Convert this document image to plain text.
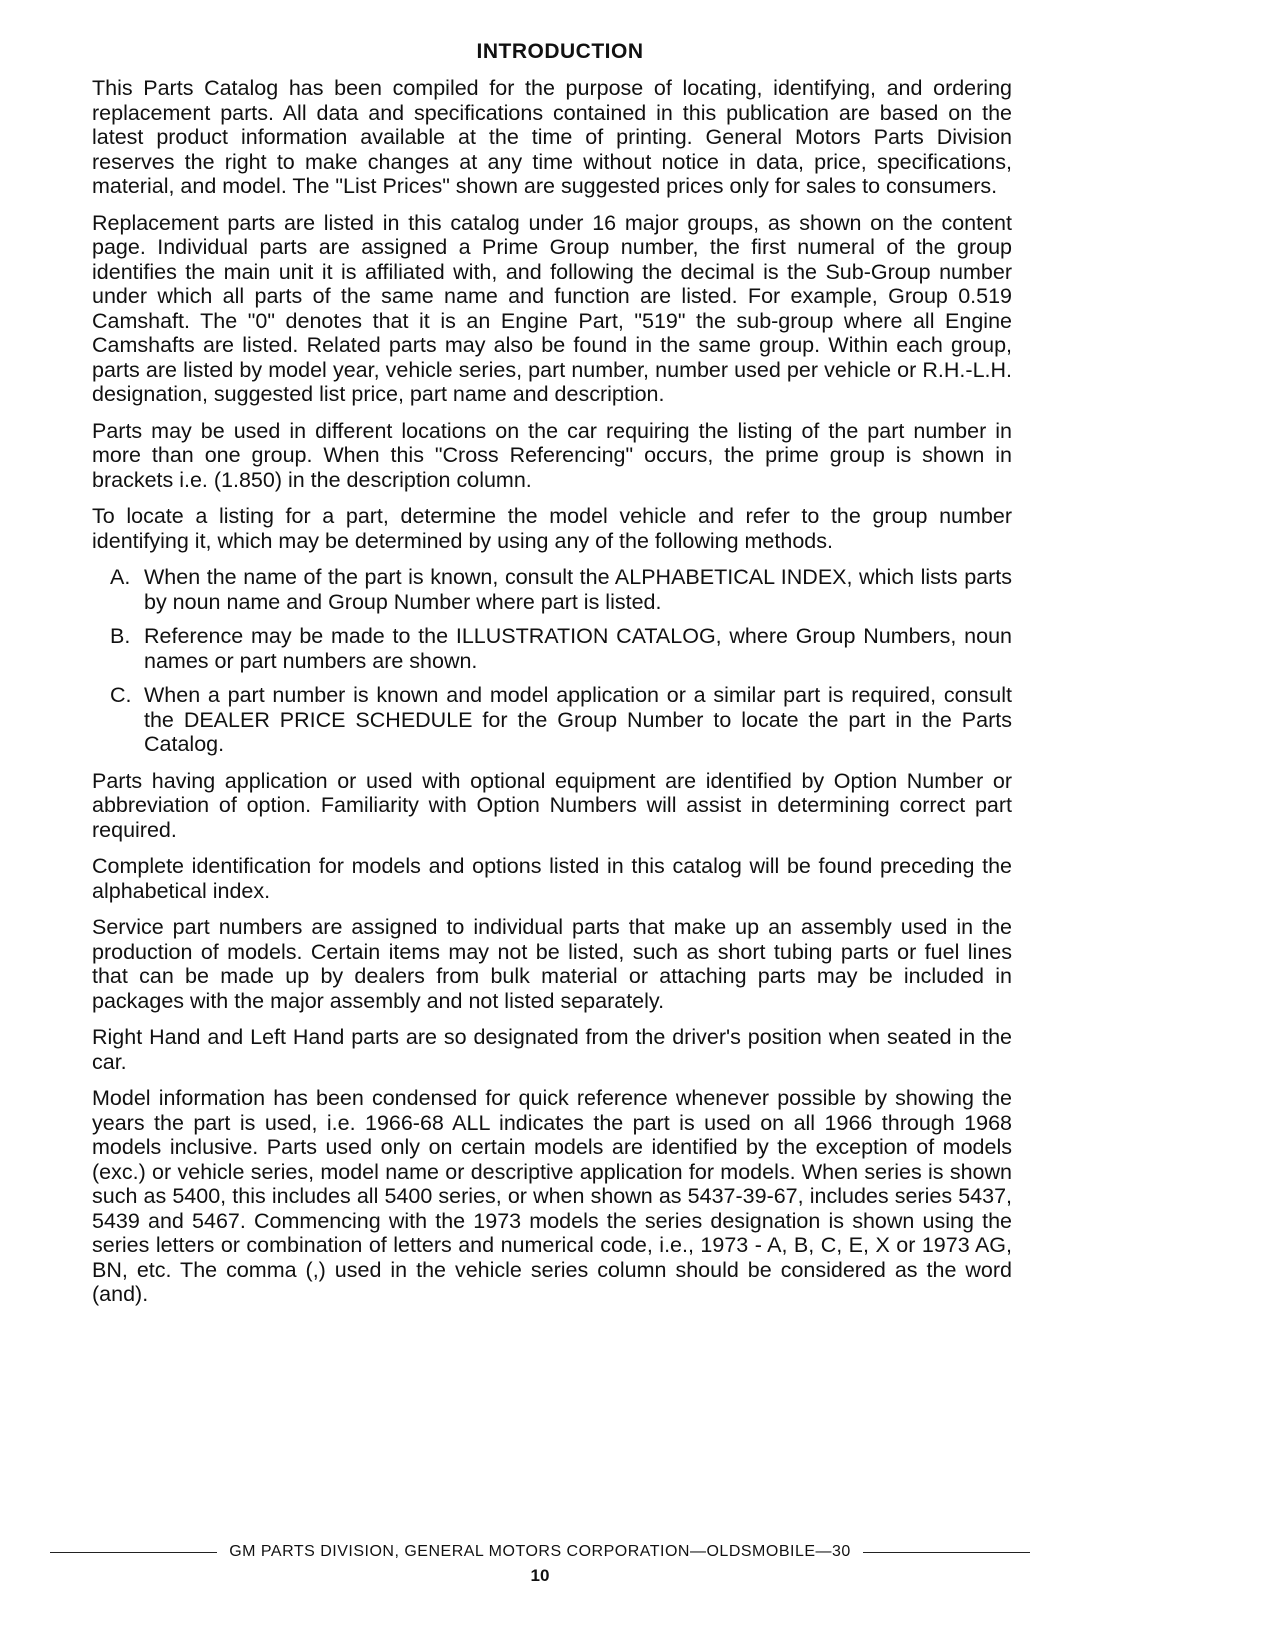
INTRODUCTION

This Parts Catalog has been compiled for the purpose of locating, identifying, and ordering replacement parts. All data and specifications contained in this publication are based on the latest product information available at the time of printing. General Motors Parts Division reserves the right to make changes at any time without notice in data, price, specifications, material, and model. The "List Prices" shown are suggested prices only for sales to consumers.

Replacement parts are listed in this catalog under 16 major groups, as shown on the content page. Individual parts are assigned a Prime Group number, the first numeral of the group identifies the main unit it is affiliated with, and following the decimal is the Sub-Group number under which all parts of the same name and function are listed. For example, Group 0.519 Camshaft. The "0" denotes that it is an Engine Part, "519" the sub-group where all Engine Camshafts are listed. Related parts may also be found in the same group. Within each group, parts are listed by model year, vehicle series, part number, number used per vehicle or R.H.-L.H. designation, suggested list price, part name and description.

Parts may be used in different locations on the car requiring the listing of the part number in more than one group. When this "Cross Referencing" occurs, the prime group is shown in brackets i.e. (1.850) in the description column.

To locate a listing for a part, determine the model vehicle and refer to the group number identifying it, which may be determined by using any of the following methods.

A. When the name of the part is known, consult the ALPHABETICAL INDEX, which lists parts by noun name and Group Number where part is listed.
B. Reference may be made to the ILLUSTRATION CATALOG, where Group Numbers, noun names or part numbers are shown.
C. When a part number is known and model application or a similar part is required, consult the DEALER PRICE SCHEDULE for the Group Number to locate the part in the Parts Catalog.

Parts having application or used with optional equipment are identified by Option Number or abbreviation of option. Familiarity with Option Numbers will assist in determining correct part required.

Complete identification for models and options listed in this catalog will be found preceding the alphabetical index.

Service part numbers are assigned to individual parts that make up an assembly used in the production of models. Certain items may not be listed, such as short tubing parts or fuel lines that can be made up by dealers from bulk material or attaching parts may be included in packages with the major assembly and not listed separately.

Right Hand and Left Hand parts are so designated from the driver's position when seated in the car.

Model information has been condensed for quick reference whenever possible by showing the years the part is used, i.e. 1966-68 ALL indicates the part is used on all 1966 through 1968 models inclusive. Parts used only on certain models are identified by the exception of models (exc.) or vehicle series, model name or descriptive application for models. When series is shown such as 5400, this includes all 5400 series, or when shown as 5437-39-67, includes series 5437, 5439 and 5467. Commencing with the 1973 models the series designation is shown using the series letters or combination of letters and numerical code, i.e., 1973 - A, B, C, E, X or 1973 AG, BN, etc. The comma (,) used in the vehicle series column should be considered as the word (and).

GM PARTS DIVISION, GENERAL MOTORS CORPORATION—OLDSMOBILE—30
10
